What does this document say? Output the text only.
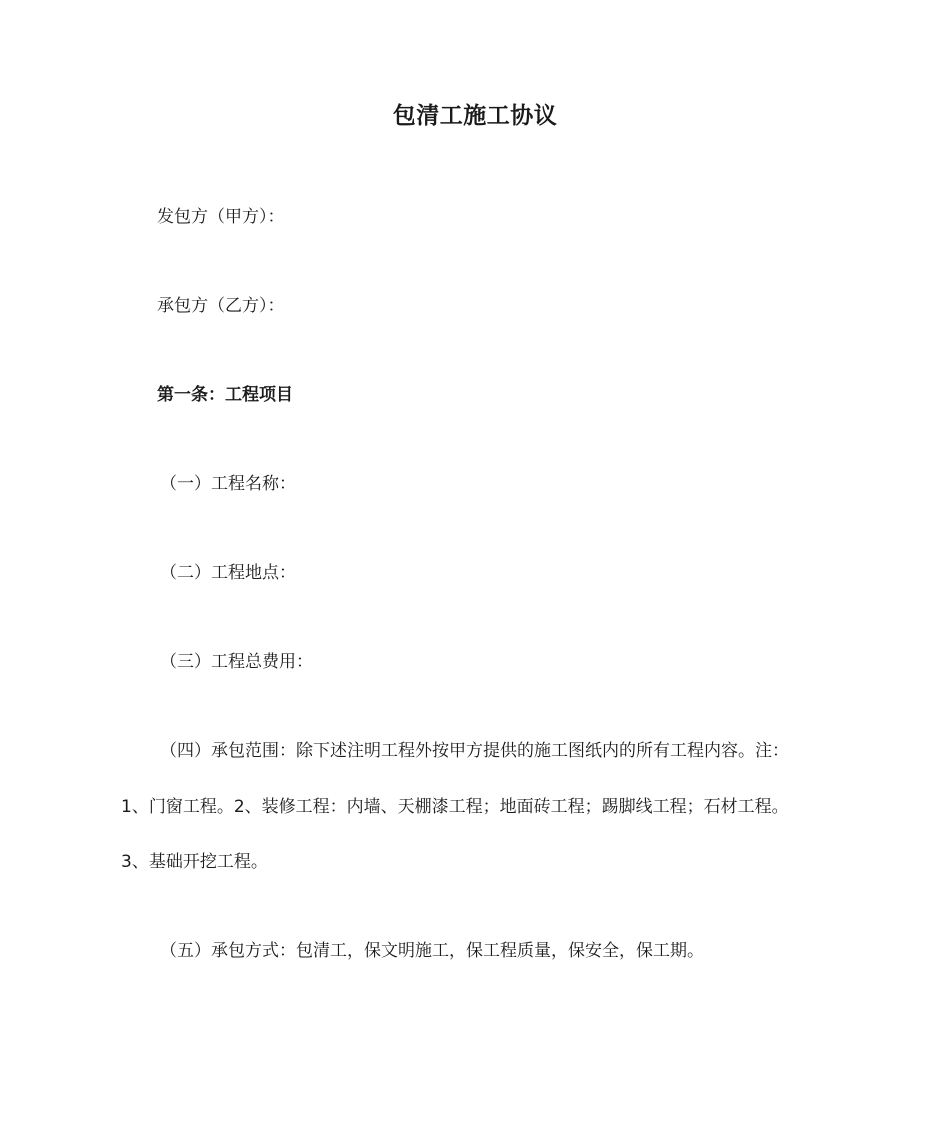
包清工施工协议
发包方（甲方）：
承包方（乙方）：
第一条：工程项目
（一）工程名称：
（二）工程地点：
（三）工程总费用：
（四）承包范围：除下述注明工程外按甲方提供的施工图纸内的所有工程内容。注：
1、门窗工程。2、装修工程：内墙、天棚漆工程；地面砖工程；踢脚线工程；石材工程。
3、基础开挖工程。
（五）承包方式：包清工，保文明施工，保工程质量，保安全，保工期。
